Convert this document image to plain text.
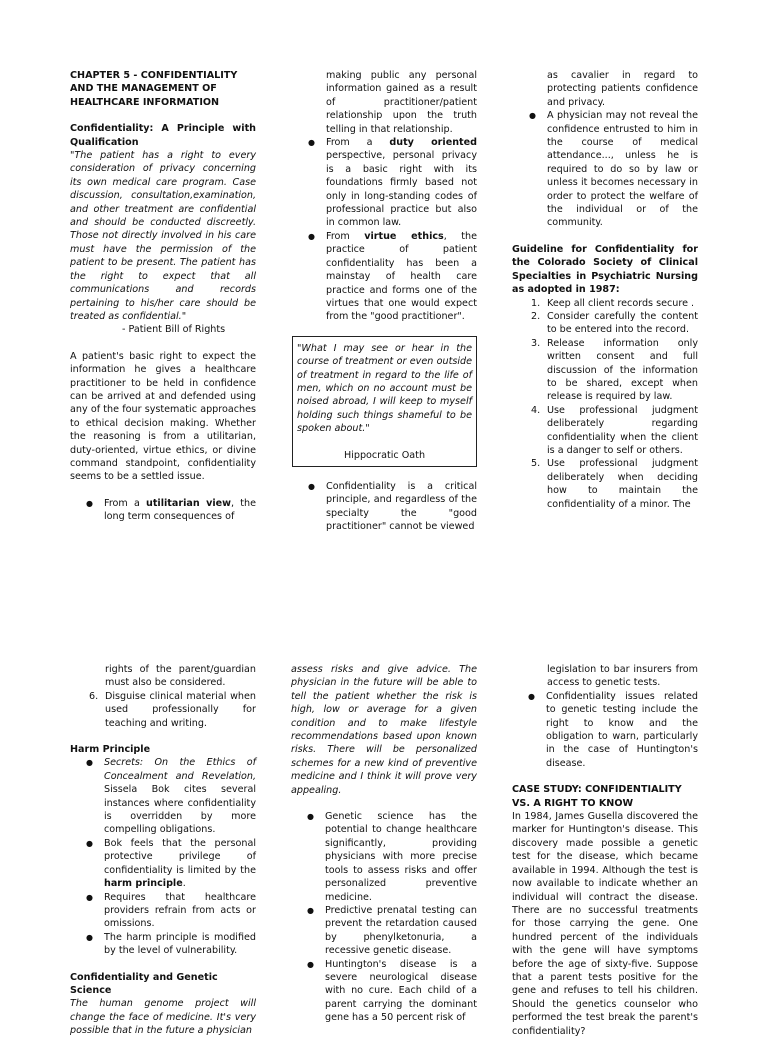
CHAPTER 5 - CONFIDENTIALITY AND THE MANAGEMENT OF HEALTHCARE INFORMATION

Confidentiality: A Principle with Qualification

"The patient has a right to every consideration of privacy concerning its own medical care program. Case discussion, consultation,examination, and other treatment are confidential and should be conducted discreetly. Those not directly involved in his care must have the permission of the patient to be present. The patient has the right to expect that all communications and records pertaining to his/her care should be treated as confidential."

- Patient Bill of Rights

A patient's basic right to expect the information he gives a healthcare practitioner to be held in confidence can be arrived at and defended using any of the four systematic approaches to ethical decision making. Whether the reasoning is from a utilitarian, duty-oriented, virtue ethics, or divine command standpoint, confidentiality seems to be a settled issue.

● From a utilitarian view, the long term consequences of

making public any personal information gained as a result of practitioner/patient relationship upon the truth telling in that relationship.

● From a duty oriented perspective, personal privacy is a basic right with its foundations firmly based not only in long-standing codes of professional practice but also in common law.
● From virtue ethics, the practice of patient confidentiality has been a mainstay of health care practice and forms one of the virtues that one would expect from the "good practitioner".

"What I may see or hear in the course of treatment or even outside of treatment in regard to the life of men, which on no account must be noised abroad, I will keep to myself holding such things shameful to be spoken about."

Hippocratic Oath

● Confidentiality is a critical principle, and regardless of the specialty the "good practitioner" cannot be viewed

as cavalier in regard to protecting patients confidence and privacy.

● A physician may not reveal the confidence entrusted to him in the course of medical attendance..., unless he is required to do so by law or unless it becomes necessary in order to protect the welfare of the individual or of the community.

Guideline for Confidentiality for the Colorado Society of Clinical Specialties in Psychiatric Nursing as adopted in 1987:

1. Keep all client records secure .
2. Consider carefully the content to be entered into the record.
3. Release information only written consent and full discussion of the information to be shared, except when release is required by law.
4. Use professional judgment deliberately regarding confidentiality when the client is a danger to self or others.
5. Use professional judgment deliberately when deciding how to maintain the confidentiality of a minor. The

rights of the parent/guardian must also be considered.

6. Disguise clinical material when used professionally for teaching and writing.

Harm Principle

● Secrets: On the Ethics of Concealment and Revelation, Sissela Bok cites several instances where confidentiality is overridden by more compelling obligations.
● Bok feels that the personal protective privilege of confidentiality is limited by the harm principle.
● Requires that healthcare providers refrain from acts or omissions.
● The harm principle is modified by the level of vulnerability.

Confidentiality and Genetic Science

The human genome project will change the face of medicine. It's very possible that in the future a physician

assess risks and give advice. The physician in the future will be able to tell the patient whether the risk is high, low or average for a given condition and to make lifestyle recommendations based upon known risks. There will be personalized schemes for a new kind of preventive medicine and I think it will prove very appealing.

● Genetic science has the potential to change healthcare significantly, providing physicians with more precise tools to assess risks and offer personalized preventive medicine.
● Predictive prenatal testing can prevent the retardation caused by phenylketonuria, a recessive genetic disease.
● Huntington's disease is a severe neurological disease with no cure. Each child of a parent carrying the dominant gene has a 50 percent risk of

legislation to bar insurers from access to genetic tests.

● Confidentiality issues related to genetic testing include the right to know and the obligation to warn, particularly in the case of Huntington's disease.

CASE STUDY: CONFIDENTIALITY VS. A RIGHT TO KNOW

In 1984, James Gusella discovered the marker for Huntington's disease. This discovery made possible a genetic test for the disease, which became available in 1994. Although the test is now available to indicate whether an individual will contract the disease. There are no successful treatments for those carrying the gene. One hundred percent of the individuals with the gene will have symptoms before the age of sixty-five. Suppose that a parent tests positive for the gene and refuses to tell his children. Should the genetics counselor who performed the test break the parent's confidentiality?
